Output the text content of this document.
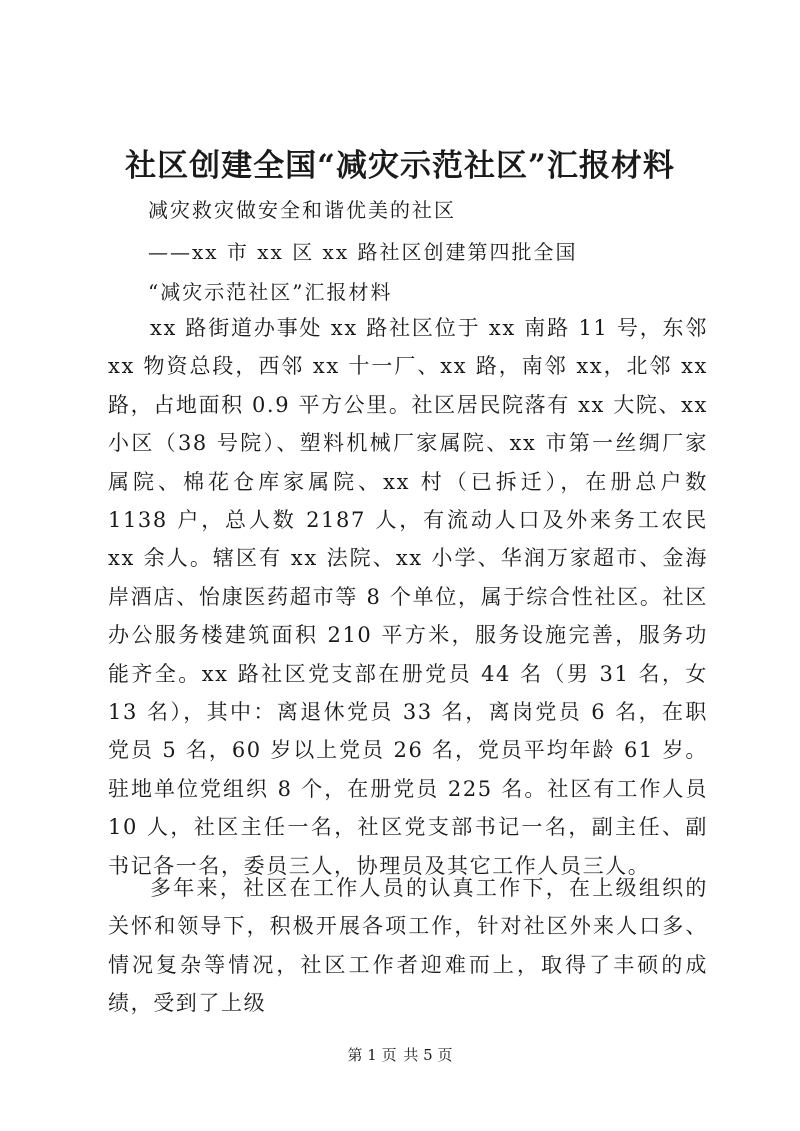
社区创建全国“减灾示范社区”汇报材料
减灾救灾做安全和谐优美的社区
——xx 市 xx 区 xx 路社区创建第四批全国
“减灾示范社区”汇报材料

xx 路街道办事处 xx 路社区位于 xx 南路 11 号，东邻 xx 物资总段，西邻 xx 十一厂、xx 路，南邻 xx，北邻 xx 路，占地面积 0.9 平方公里。社区居民院落有 xx 大院、xx 小区（38 号院）、塑料机械厂家属院、xx 市第一丝绸厂家属院、棉花仓库家属院、xx 村（已拆迁），在册总户数 1138 户，总人数 2187 人，有流动人口及外来务工农民 xx 余人。辖区有 xx 法院、xx 小学、华润万家超市、金海岸酒店、怡康医药超市等 8 个单位，属于综合性社区。社区办公服务楼建筑面积 210 平方米，服务设施完善，服务功能齐全。xx 路社区党支部在册党员 44 名（男 31 名，女 13 名），其中：离退休党员 33 名，离岗党员 6 名，在职党员 5 名，60 岁以上党员 26 名，党员平均年龄 61 岁。驻地单位党组织 8 个，在册党员 225 名。社区有工作人员 10 人，社区主任一名，社区党支部书记一名，副主任、副书记各一名，委员三人，协理员及其它工作人员三人。

多年来，社区在工作人员的认真工作下，在上级组织的关怀和领导下，积极开展各项工作，针对社区外来人口多、情况复杂等情况，社区工作者迎难而上，取得了丰硕的成绩，受到了上级

第 1 页 共 5 页
